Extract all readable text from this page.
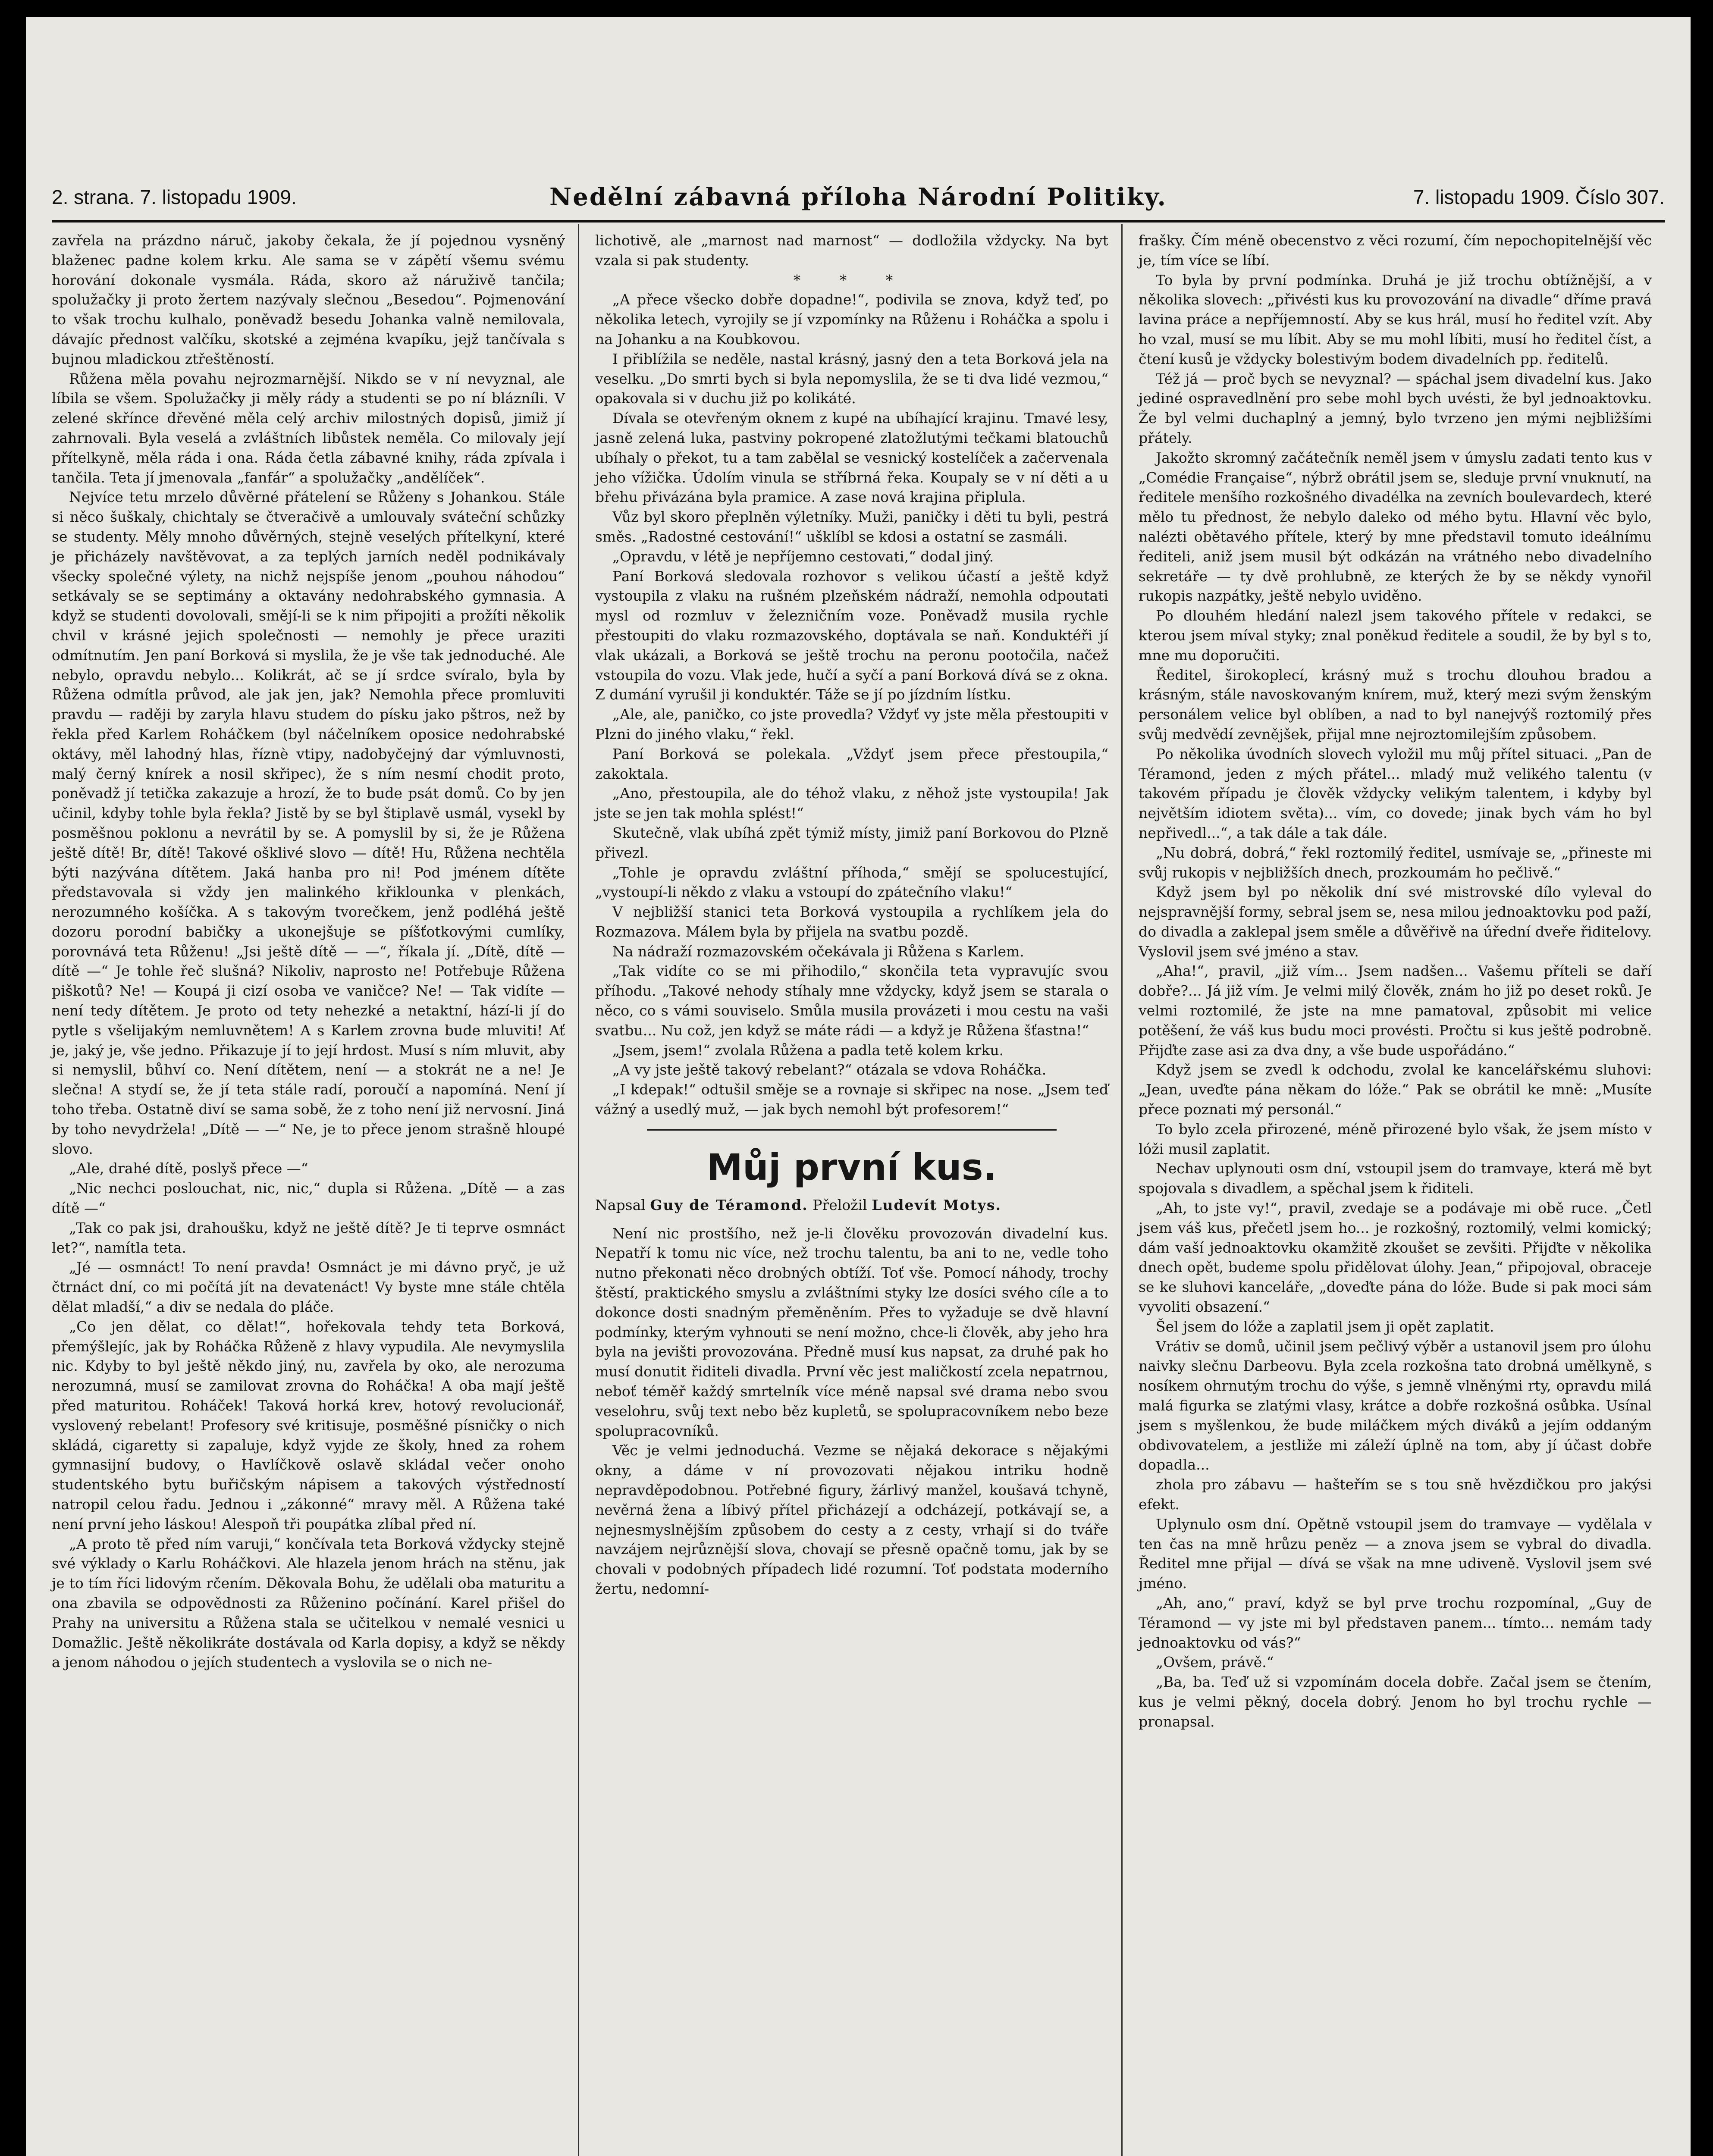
2. strana. 7. listopadu 1909.	Nedělní zábavná příloha Národní Politiky.	7. listopadu 1909. Číslo 307.

zavřela na prázdno náruč, jakoby čekala, že jí pojednou vysněný blaženec padne kolem krku. Ale sama se v zápětí všemu svému horování dokonale vysmála. Ráda, skoro až náruživě tančila; spolužačky ji proto žertem nazývaly slečnou „Besedou“. Pojmenování to však trochu kulhalo, poněvadž besedu Johanka valně nemilovala, dávajíc přednost valčíku, skotské a zejména kvapíku, jejž tančívala s bujnou mladickou ztřeštěností.

Růžena měla povahu nejrozmarnější. Nikdo se v ní nevyznal, ale líbila se všem. Spolužačky ji měly rády a studenti se po ní blázníli. V zelené skřínce dřevěné měla celý archiv milostných dopisů, jimiž jí zahrnovali. Byla veselá a zvláštních libůstek neměla. Co milovaly její přítelkyně, měla ráda i ona. Ráda četla zábavné knihy, ráda zpívala i tančila. Teta jí jmenovala „fanfár“ a spolužačky „andělíček“.

Nejvíce tetu mrzelo důvěrné přátelení se Růženy s Johankou. Stále si něco šuškaly, chichtaly se čtveračivě a umlouvaly sváteční schůzky se studenty. Měly mnoho důvěrných, stejně veselých přítelkyní, které je přicházely navštěvovat, a za teplých jarních neděl podnikávaly všecky společné výlety, na nichž nejspíše jenom „pouhou náhodou“ setkávaly se se septimány a oktavány nedohrabského gymnasia. A když se studenti dovolovali, smějí-li se k nim připojiti a prožíti několik chvil v krásné jejich společnosti — nemohly je přece uraziti odmítnutím. Jen paní Borková si myslila, že je vše tak jednoduché. Ale nebylo, opravdu nebylo... Kolikrát, ač se jí srdce svíralo, byla by Růžena odmítla průvod, ale jak jen, jak? Nemohla přece promluviti pravdu — raději by zaryla hlavu studem do písku jako pštros, než by řekla před Karlem Roháčkem (byl náčelníkem oposice nedohrabské oktávy, měl lahodný hlas, říznè vtipy, nadobyčejný dar výmluvnosti, malý černý knírek a nosil skřipec), že s ním nesmí chodit proto, poněvadž jí tetička zakazuje a hrozí, že to bude psát domů. Co by jen učinil, kdyby tohle byla řekla? Jistě by se byl štiplavě usmál, vysekl by posměšnou poklonu a nevrátil by se. A pomyslil by si, že je Růžena ještě dítě! Br, dítě! Takové ošklivé slovo — dítě! Hu, Růžena nechtěla býti nazývána dítětem. Jaká hanba pro ni! Pod jménem dítěte představovala si vždy jen malinkého křiklounka v plenkách, nerozumného košíčka. A s takovým tvorečkem, jenž podléhá ještě dozoru porodní babičky a ukonejšuje se píšťotkovými cumlíky, porovnává teta Růženu! „Jsi ještě dítě — —“, říkala jí. „Dítě, dítě — dítě —“ Je tohle řeč slušná? Nikoliv, naprosto ne! Potřebuje Růžena piškotů? Ne! — Koupá ji cizí osoba ve vaničce? Ne! — Tak vidíte — není tedy dítětem. Je proto od tety nehezké a netaktní, hází-li jí do pytle s všelijakým nemluvnětem! A s Karlem zrovna bude mluviti! Ať je, jaký je, vše jedno. Přikazuje jí to její hrdost. Musí s ním mluvit, aby si nemyslil, bůhví co. Není dítětem, není — a stokrát ne a ne! Je slečna! A stydí se, že jí teta stále radí, poroučí a napomíná. Není jí toho třeba. Ostatně diví se sama sobě, že z toho není již nervosní. Jiná by toho nevydržela! „Dítě — —“ Ne, je to přece jenom strašně hloupé slovo.

„Ale, drahé dítě, poslyš přece —“

„Nic nechci poslouchat, nic, nic,“ dupla si Růžena. „Dítě — a zas dítě —“

„Tak co pak jsi, drahoušku, když ne ještě dítě? Je ti teprve osmnáct let?“, namítla teta.

„Jé — osmnáct! To není pravda! Osmnáct je mi dávno pryč, je už čtrnáct dní, co mi počítá jít na devatenáct! Vy byste mne stále chtěla dělat mladší,“ a div se nedala do pláče.

„Co jen dělat, co dělat!“, hořekovala tehdy teta Borková, přemýšlejíc, jak by Roháčka Růženě z hlavy vypudila. Ale nevymyslila nic. Kdyby to byl ještě někdo jiný, nu, zavřela by oko, ale nerozuma nerozumná, musí se zamilovat zrovna do Roháčka! A oba mají ještě před maturitou. Roháček! Taková horká krev, hotový revolucionář, vyslovený rebelant! Profesory své kritisuje, posměšné písničky o nich skládá, cigaretty si zapaluje, když vyjde ze školy, hned za rohem gymnasijní budovy, o Havlíčkově oslavě skládal večer onoho studentského bytu buřičským nápisem a takových výstředností natropil celou řadu. Jednou i „zákonné“ mravy měl. A Růžena také není první jeho láskou! Alespoň tři poupátka zlíbal před ní.

„A proto tě před ním varuji,“ končívala teta Borková vždycky stejně své výklady o Karlu Roháčkovi. Ale hlazela jenom hrách na stěnu, jak je to tím říci lidovým rčením. Děkovala Bohu, že udělali oba maturitu a ona zbavila se odpovědnosti za Růženino počínání. Karel přišel do Prahy na universitu a Růžena stala se učitelkou v nemalé vesnici u Domažlic. Ještě několikráte dostávala od Karla dopisy, a když se někdy a jenom náhodou o jejích studentech a vyslovila se o nich ne-

lichotivě, ale „marnost nad marnost“ — dodložila vždycky. Na byt vzala si pak studenty.

* * *

„A přece všecko dobře dopadne!“, podivila se znova, když teď, po několika letech, vyrojily se jí vzpomínky na Růženu i Roháčka a spolu i na Johanku a na Koubkovou.

I přiblížila se neděle, nastal krásný, jasný den a teta Borková jela na veselku. „Do smrti bych si byla nepomyslila, že se ti dva lidé vezmou,“ opakovala si v duchu již po kolikáté.

Dívala se otevřeným oknem z kupé na ubíhající krajinu. Tmavé lesy, jasně zelená luka, pastviny pokropené zlatožlutými tečkami blatouchů ubíhaly o překot, tu a tam zabělal se vesnický kostelíček a začervenala jeho vížička. Údolím vinula se stříbrná řeka. Koupaly se v ní děti a u břehu přivázána byla pramice. A zase nová krajina připlula.

Vůz byl skoro přeplněn výletníky. Muži, paničky i děti tu byli, pestrá směs. „Radostné cestování!“ ušklíbl se kdosi a ostatní se zasmáli.

„Opravdu, v létě je nepříjemno cestovati,“ dodal jiný.

Paní Borková sledovala rozhovor s velikou účastí a ještě když vystoupila z vlaku na rušném plzeňském nádraží, nemohla odpoutati mysl od rozmluv v železničním voze. Poněvadž musila rychle přestoupiti do vlaku rozmazovského, doptávala se naň. Konduktéři jí vlak ukázali, a Borková se ještě trochu na peronu pootočila, načež vstoupila do vozu. Vlak jede, hučí a syčí a paní Borková dívá se z okna. Z dumání vyrušil ji konduktér. Táže se jí po jízdním lístku.

„Ale, ale, paničko, co jste provedla? Vždyť vy jste měla přestoupiti v Plzni do jiného vlaku,“ řekl.

Paní Borková se polekala. „Vždyť jsem přece přestoupila,“ zakoktala.

„Ano, přestoupila, ale do téhož vlaku, z něhož jste vystoupila! Jak jste se jen tak mohla splést!“

Skutečně, vlak ubíhá zpět týmiž místy, jimiž paní Borkovou do Plzně přivezl.

„Tohle je opravdu zvláštní příhoda,“ smějí se spolucestující, „vystoupí-li někdo z vlaku a vstoupí do zpátečního vlaku!“

V nejbližší stanici teta Borková vystoupila a rychlíkem jela do Rozmazova. Málem byla by přijela na svatbu pozdě.

Na nádraží rozmazovském očekávala ji Růžena s Karlem.

„Tak vidíte co se mi přihodilo,“ skončila teta vypravujíc svou příhodu. „Takové nehody stíhaly mne vždycky, když jsem se starala o něco, co s vámi souviselo. Smůla musila provázeti i mou cestu na vaši svatbu... Nu což, jen když se máte rádi — a když je Růžena šťastna!“

„Jsem, jsem!“ zvolala Růžena a padla tetě kolem krku.

„A vy jste ještě takový rebelant?“ otázala se vdova Roháčka.

„I kdepak!“ odtušil směje se a rovnaje si skřipec na nose. „Jsem teď vážný a usedlý muž, — jak bych nemohl být profesorem!“

Můj první kus.

Napsal Guy de Téramond. Přeložil Ludevít Motys.

Není nic prostšího, než je-li člověku provozován divadelní kus. Nepatří k tomu nic více, než trochu talentu, ba ani to ne, vedle toho nutno překonati něco drobných obtíží. Toť vše. Pomocí náhody, trochy štěstí, praktického smyslu a zvláštními styky lze dosíci svého cíle a to dokonce dosti snadným přeměněním. Přes to vyžaduje se dvě hlavní podmínky, kterým vyhnouti se není možno, chce-li člověk, aby jeho hra byla na jevišti provozována. Předně musí kus napsat, za druhé pak ho musí donutit řiditeli divadla. První věc jest maličkostí zcela nepatrnou, neboť téměř každý smrtelník více méně napsal své drama nebo svou veselohru, svůj text nebo běz kupletů, se spolupracovníkem nebo beze spolupracovníků.

Věc je velmi jednoduchá. Vezme se nějaká dekorace s nějakými okny, a dáme v ní provozovati nějakou intriku hodně nepravděpodobnou. Potřebné figury, žárlivý manžel, koušavá tchyně, nevěrná žena a líbivý přítel přicházejí a odcházejí, potkávají se, a nejnesmyslnějším způsobem do cesty a z cesty, vrhají si do tváře navzájem nejrůznější slova, chovají se přesně opačně tomu, jak by se chovali v podobných případech lidé rozumní. Toť podstata moderního žertu, nedomní-

frašky. Čím méně obecenstvo z věci rozumí, čím nepochopitelnější věc je, tím více se líbí.

To byla by první podmínka. Druhá je již trochu obtížnější, a v několika slovech: „přivésti kus ku provozování na divadle“ dříme pravá lavina práce a nepříjemností. Aby se kus hrál, musí ho ředitel vzít. Aby ho vzal, musí se mu líbit. Aby se mu mohl líbiti, musí ho ředitel číst, a čtení kusů je vždycky bolestivým bodem divadelních pp. ředitelů.

Též já — proč bych se nevyznal? — spáchal jsem divadelní kus. Jako jediné ospravedlnění pro sebe mohl bych uvésti, že byl jednoaktovku. Že byl velmi duchaplný a jemný, bylo tvrzeno jen mými nejbližšími přátely.

Jakožto skromný začátečník neměl jsem v úmyslu zadati tento kus v „Comédie Française“, nýbrž obrátil jsem se, sleduje první vnuknutí, na ředitele menšího rozkošného divadélka na zevních boulevardech, které mělo tu přednost, že nebylo daleko od mého bytu. Hlavní věc bylo, nalézti obětavého přítele, který by mne představil tomuto ideálnímu řediteli, aniž jsem musil být odkázán na vrátného nebo divadelního sekretáře — ty dvě prohlubně, ze kterých že by se někdy vynořil rukopis nazpátky, ještě nebylo uviděno.

Po dlouhém hledání nalezl jsem takového přítele v redakci, se kterou jsem míval styky; znal poněkud ředitele a soudil, že by byl s to, mne mu doporučiti.

Ředitel, širokoplecí, krásný muž s trochu dlouhou bradou a krásným, stále navoskovaným knírem, muž, který mezi svým ženským personálem velice byl oblíben, a nad to byl nanejvýš roztomilý přes svůj medvědí zevnějšek, přijal mne nejroztomilejším způsobem.

Po několika úvodních slovech vyložil mu můj přítel situaci. „Pan de Téramond, jeden z mých přátel... mladý muž velikého talentu (v takovém případu je člověk vždycky velikým talentem, i kdyby byl největším idiotem světa)... vím, co dovede; jinak bych vám ho byl nepřivedl...“, a tak dále a tak dále.

„Nu dobrá, dobrá,“ řekl roztomilý ředitel, usmívaje se, „přineste mi svůj rukopis v nejbližších dnech, prozkoumám ho pečlivě.“

Když jsem byl po několik dní své mistrovské dílo vyleval do nejspravnější formy, sebral jsem se, nesa milou jednoaktovku pod paží, do divadla a zaklepal jsem směle a důvěřivě na úřední dveře řiditelovy. Vyslovil jsem své jméno a stav.

„Aha!“, pravil, „již vím... Jsem nadšen... Vašemu příteli se daří dobře?... Já již vím. Je velmi milý člověk, znám ho již po deset roků. Je velmi roztomilé, že jste na mne pamatoval, způsobit mi velice potěšení, že váš kus budu moci provésti. Pročtu si kus ještě podrobně. Přijďte zase asi za dva dny, a vše bude uspořádáno.“

Když jsem se zvedl k odchodu, zvolal ke kancelářskému sluhovi: „Jean, uveďte pána někam do lóže.“ Pak se obrátil ke mně: „Musíte přece poznati mý personál.“

To bylo zcela přirozené, méně přirozené bylo však, že jsem místo v lóži musil zaplatit.

Nechav uplynouti osm dní, vstoupil jsem do tramvaye, která mě byt spojovala s divadlem, a spěchal jsem k řiditeli.

„Ah, to jste vy!“, pravil, zvedaje se a podávaje mi obě ruce. „Četl jsem váš kus, přečetl jsem ho... je rozkošný, roztomilý, velmi komický; dám vaší jednoaktovku okamžitě zkoušet se zevšiti. Přijďte v několika dnech opět, budeme spolu přidělovat úlohy. Jean,“ připojoval, obraceje se ke sluhovi kanceláře, „doveďte pána do lóže. Bude si pak moci sám vyvoliti obsazení.“

Šel jsem do lóže a zaplatil jsem ji opět zaplatit.

Vrátiv se domů, učinil jsem pečlivý výběr a ustanovil jsem pro úlohu naivky slečnu Darbeovu. Byla zcela rozkošna tato drobná umělkyně, s nosíkem ohrnutým trochu do výše, s jemně vlněnými rty, opravdu milá malá figurka se zlatými vlasy, krátce a dobře rozkošná osůbka. Usínal jsem s myšlenkou, že bude miláčkem mých diváků a jejím oddaným obdivovatelem, a jestliže mi záleží úplně na tom, aby jí účast dobře dopadla...

zhola pro zábavu — hašteřím se s tou sně hvězdičkou pro jakýsi efekt.

Uplynulo osm dní. Opětně vstoupil jsem do tramvaye — vydělala v ten čas na mně hrůzu peněz — a znova jsem se vybral do divadla. Ředitel mne přijal — dívá se však na mne udiveně. Vyslovil jsem své jméno.

„Ah, ano,“ praví, když se byl prve trochu rozpomínal, „Guy de Téramond — vy jste mi byl představen panem... tímto... nemám tady jednoaktovku od vás?“

„Ovšem, právě.“

„Ba, ba. Teď už si vzpomínám docela dobře. Začal jsem se čtením, kus je velmi pěkný, docela dobrý. Jenom ho byl trochu rychle — pronapsal.
